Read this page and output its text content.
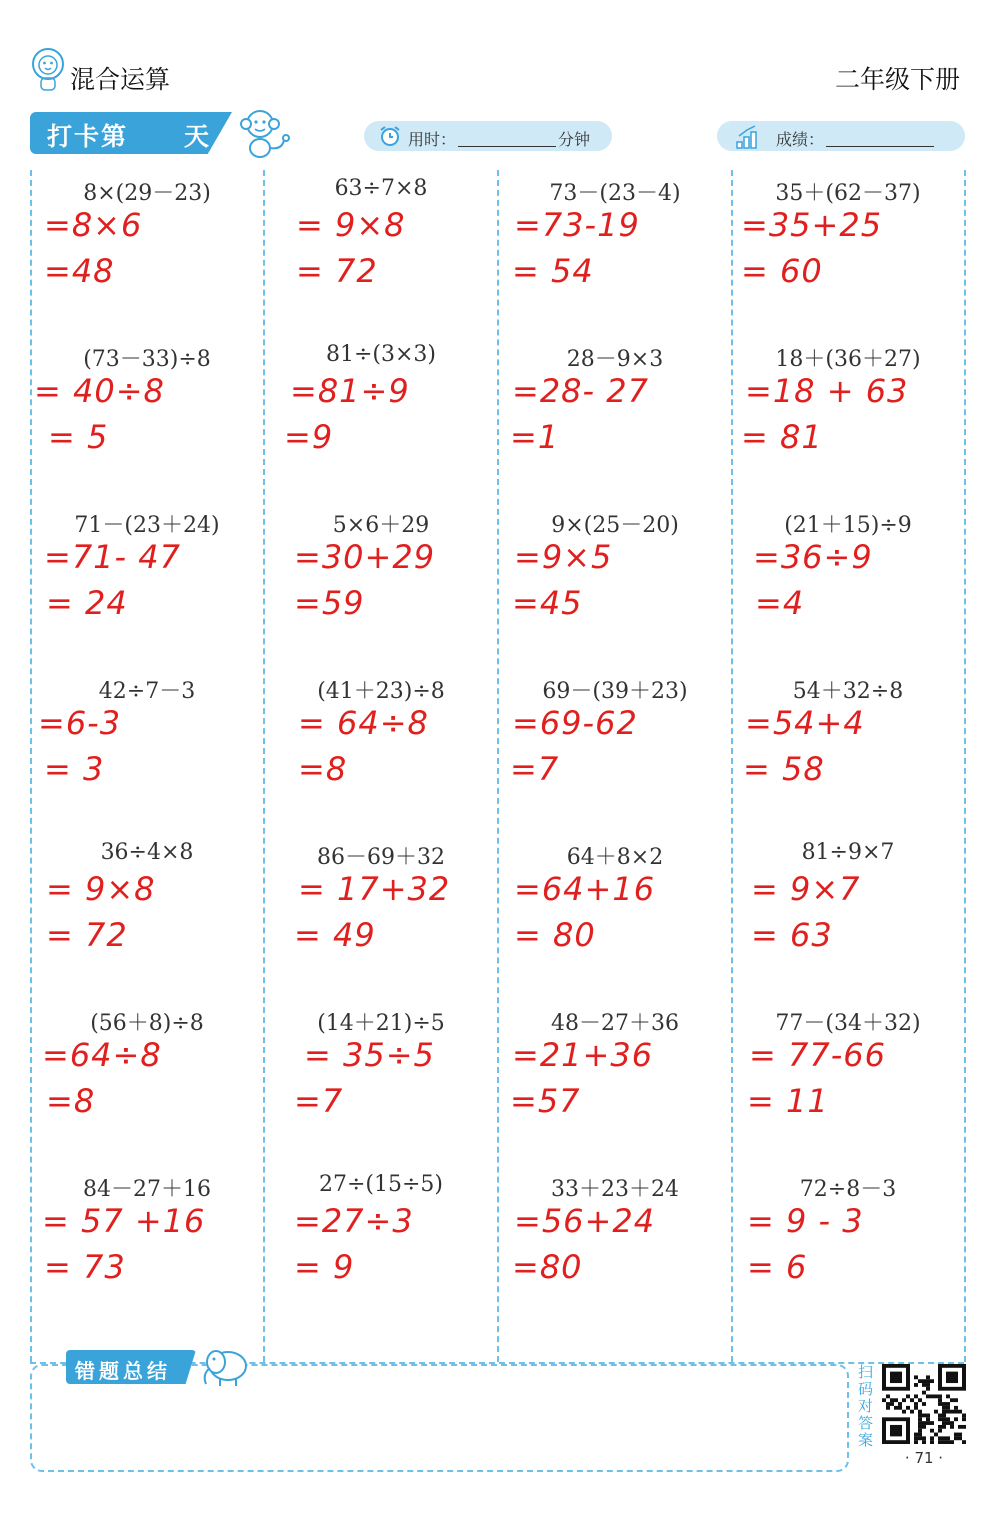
混合运算	二年级下册
打卡第 天	用时：	分钟	成绩：
8×(29－23)
=8×6
=48
(73－33)÷8
= 40÷8
= 5
71－(23＋24)
=71- 47
= 24
42÷7－3
=6-3
= 3
36÷4×8
= 9×8
= 72
(56＋8)÷8
=64÷8
=8
84－27＋16
= 57 +16
= 73
63÷7×8
= 9×8
= 72
81÷(3×3)
=81÷9
=9
5×6＋29
=30+29
=59
(41＋23)÷8
= 64÷8
=8
86－69＋32
= 17+32
= 49
(14＋21)÷5
= 35÷5
=7
27÷(15÷5)
=27÷3
= 9
73－(23－4)
=73-19
= 54
28－9×3
=28- 27
=1
9×(25－20)
=9×5
=45
69－(39＋23)
=69-62
=7
64＋8×2
=64+16
= 80
48－27＋36
=21+36
=57
33＋23＋24
=56+24
=80
35＋(62－37)
=35+25
= 60
18＋(36＋27)
=18 + 63
= 81
(21＋15)÷9
=36÷9
=4
54＋32÷8
=54+4
= 58
81÷9×7
= 9×7
= 63
77－(34＋32)
= 77-66
= 11
72÷8－3
= 9 - 3
= 6
错题总结	扫码对答案
· 71 ·
